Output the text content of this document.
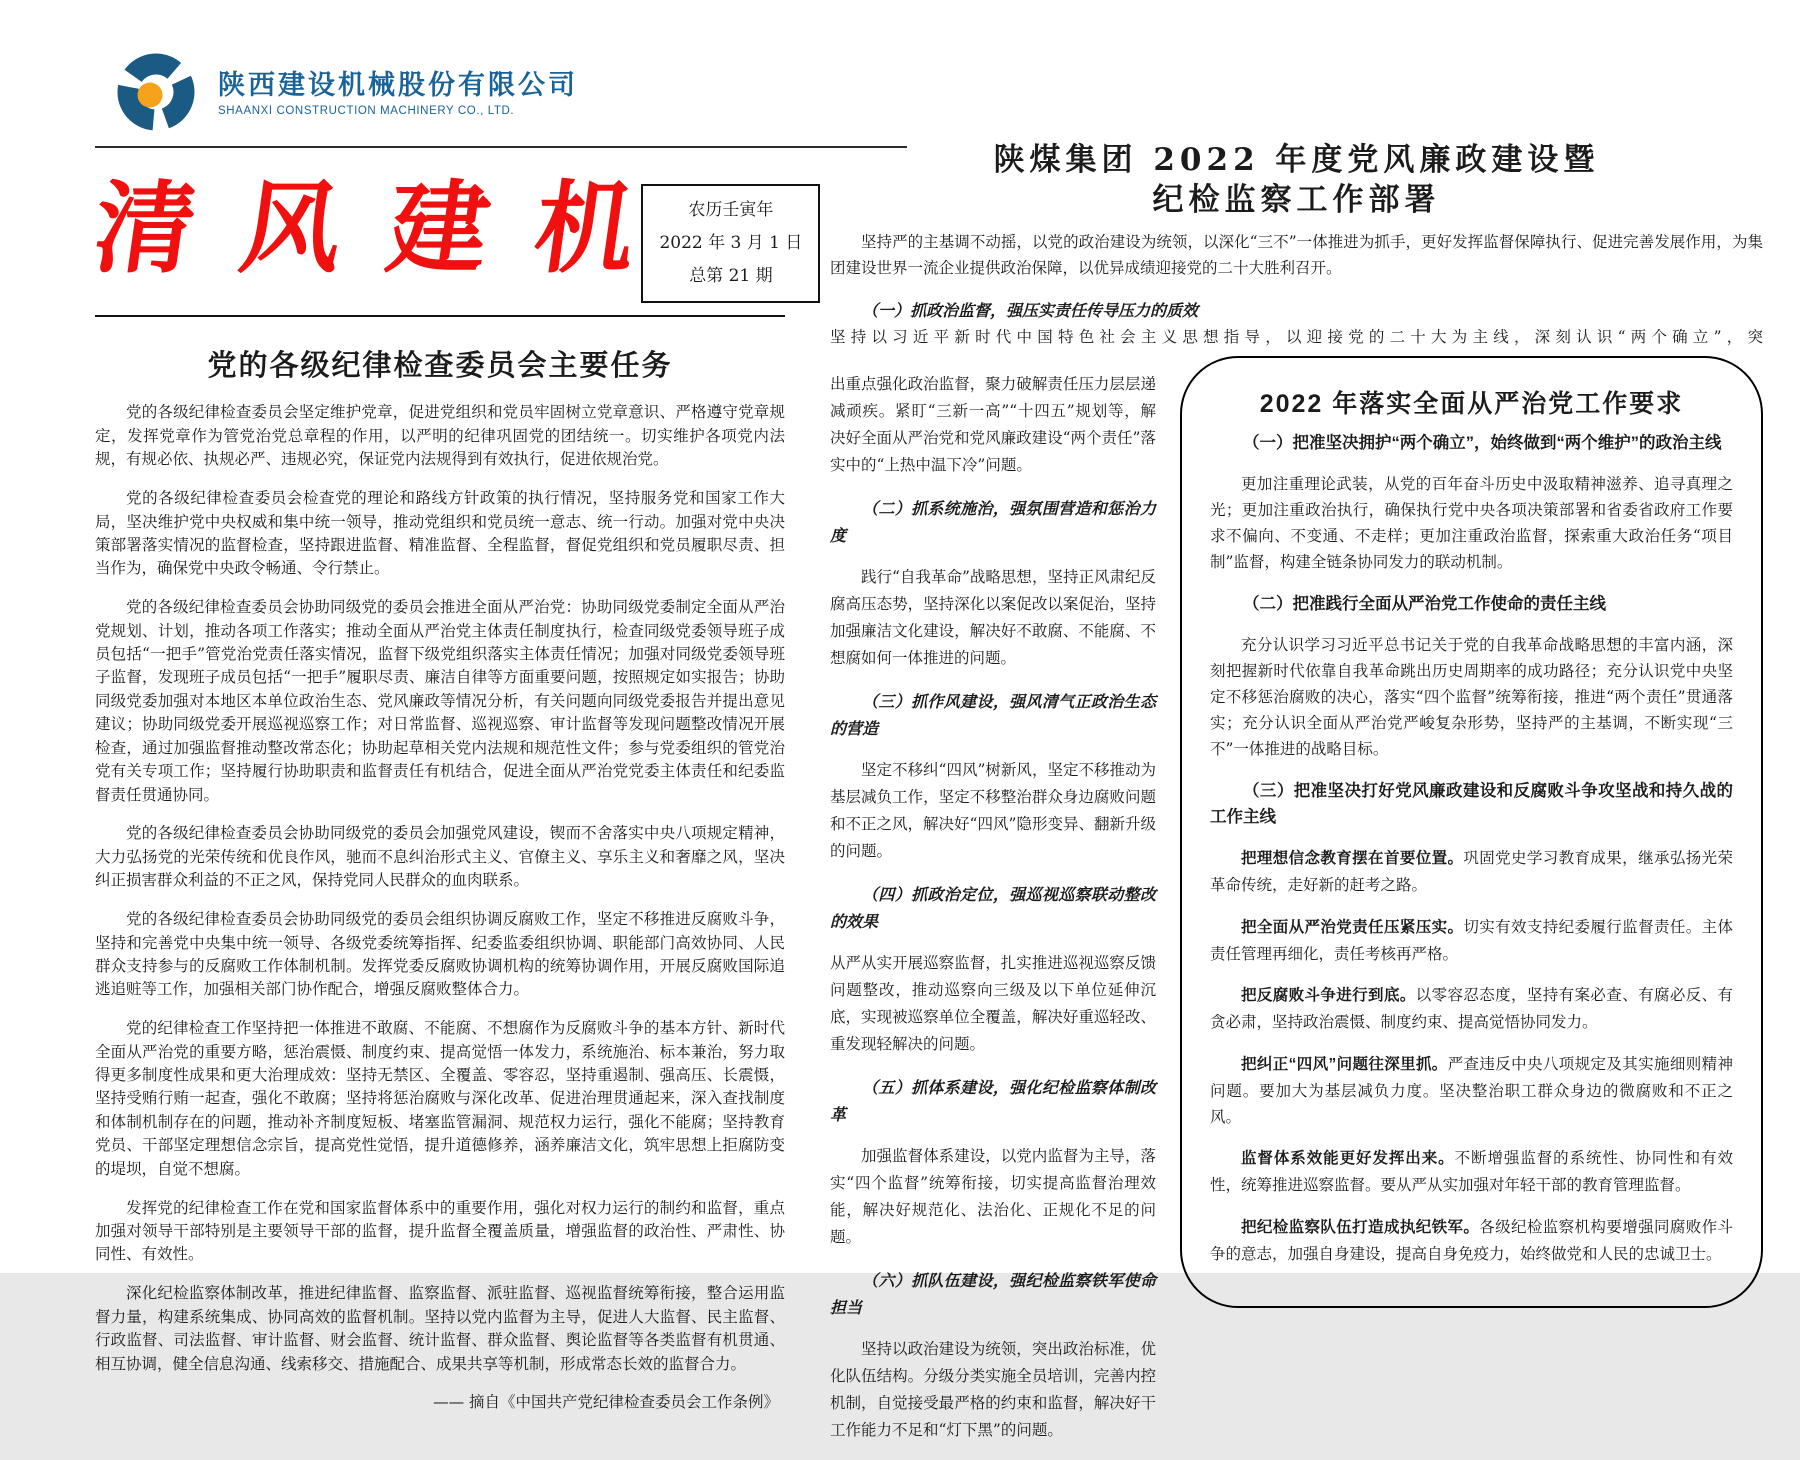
陕西建设机械股份有限公司
SHAANXI CONSTRUCTION MACHINERY CO., LTD.
清 风 建 机	农历壬寅年
2022 年 3 月 1 日
总第 21 期
党的各级纪律检查委员会主要任务

党的各级纪律检查委员会坚定维护党章，促进党组织和党员牢固树立党章意识、严格遵守党章规定，发挥党章作为管党治党总章程的作用，以严明的纪律巩固党的团结统一。切实维护各项党内法规，有规必依、执规必严、违规必究，保证党内法规得到有效执行，促进依规治党。

党的各级纪律检查委员会检查党的理论和路线方针政策的执行情况，坚持服务党和国家工作大局，坚决维护党中央权威和集中统一领导，推动党组织和党员统一意志、统一行动。加强对党中央决策部署落实情况的监督检查，坚持跟进监督、精准监督、全程监督，督促党组织和党员履职尽责、担当作为，确保党中央政令畅通、令行禁止。

党的各级纪律检查委员会协助同级党的委员会推进全面从严治党：协助同级党委制定全面从严治党规划、计划，推动各项工作落实；推动全面从严治党主体责任制度执行，检查同级党委领导班子成员包括“一把手”管党治党责任落实情况，监督下级党组织落实主体责任情况；加强对同级党委领导班子监督，发现班子成员包括“一把手”履职尽责、廉洁自律等方面重要问题，按照规定如实报告；协助同级党委加强对本地区本单位政治生态、党风廉政等情况分析，有关问题向同级党委报告并提出意见建议；协助同级党委开展巡视巡察工作；对日常监督、巡视巡察、审计监督等发现问题整改情况开展检查，通过加强监督推动整改常态化；协助起草相关党内法规和规范性文件；参与党委组织的管党治党有关专项工作；坚持履行协助职责和监督责任有机结合，促进全面从严治党党委主体责任和纪委监督责任贯通协同。

党的各级纪律检查委员会协助同级党的委员会加强党风建设，锲而不舍落实中央八项规定精神，大力弘扬党的光荣传统和优良作风，驰而不息纠治形式主义、官僚主义、享乐主义和奢靡之风，坚决纠正损害群众利益的不正之风，保持党同人民群众的血肉联系。

党的各级纪律检查委员会协助同级党的委员会组织协调反腐败工作，坚定不移推进反腐败斗争，坚持和完善党中央集中统一领导、各级党委统筹指挥、纪委监委组织协调、职能部门高效协同、人民群众支持参与的反腐败工作体制机制。发挥党委反腐败协调机构的统筹协调作用，开展反腐败国际追逃追赃等工作，加强相关部门协作配合，增强反腐败整体合力。

党的纪律检查工作坚持把一体推进不敢腐、不能腐、不想腐作为反腐败斗争的基本方针、新时代全面从严治党的重要方略，惩治震慑、制度约束、提高觉悟一体发力，系统施治、标本兼治，努力取得更多制度性成果和更大治理成效：坚持无禁区、全覆盖、零容忍，坚持重遏制、强高压、长震慑，坚持受贿行贿一起查，强化不敢腐；坚持将惩治腐败与深化改革、促进治理贯通起来，深入查找制度和体制机制存在的问题，推动补齐制度短板、堵塞监管漏洞、规范权力运行，强化不能腐；坚持教育党员、干部坚定理想信念宗旨，提高党性觉悟，提升道德修养，涵养廉洁文化，筑牢思想上拒腐防变的堤坝，自觉不想腐。

发挥党的纪律检查工作在党和国家监督体系中的重要作用，强化对权力运行的制约和监督，重点加强对领导干部特别是主要领导干部的监督，提升监督全覆盖质量，增强监督的政治性、严肃性、协同性、有效性。

深化纪检监察体制改革，推进纪律监督、监察监督、派驻监督、巡视监督统筹衔接，整合运用监督力量，构建系统集成、协同高效的监督机制。坚持以党内监督为主导，促进人大监督、民主监督、行政监督、司法监督、审计监督、财会监督、统计监督、群众监督、舆论监督等各类监督有机贯通、相互协调，健全信息沟通、线索移交、措施配合、成果共享等机制，形成常态长效的监督合力。

—— 摘自《中国共产党纪律检查委员会工作条例》
陕煤集团 2022 年度党风廉政建设暨
纪检监察工作部署

坚持严的主基调不动摇，以党的政治建设为统领，以深化“三不”一体推进为抓手，更好发挥监督保障执行、促进完善发展作用，为集团建设世界一流企业提供政治保障，以优异成绩迎接党的二十大胜利召开。

（一）抓政治监督，强压实责任传导压力的质效
坚持以习近平新时代中国特色社会主义思想指导，以迎接党的二十大为主线，深刻认识“两个确立”，突

出重点强化政治监督，聚力破解责任压力层层递减顽疾。紧盯“三新一高”“十四五”规划等，解决好全面从严治党和党风廉政建设“两个责任”落实中的“上热中温下冷”问题。

（二）抓系统施治，强氛围营造和惩治力度

践行“自我革命”战略思想，坚持正风肃纪反腐高压态势，坚持深化以案促改以案促治，坚持加强廉洁文化建设，解决好不敢腐、不能腐、不想腐如何一体推进的问题。

（三）抓作风建设，强风清气正政治生态的营造

坚定不移纠“四风”树新风，坚定不移推动为基层减负工作，坚定不移整治群众身边腐败问题和不正之风，解决好“四风”隐形变异、翻新升级的问题。

（四）抓政治定位，强巡视巡察联动整改的效果

从严从实开展巡察监督，扎实推进巡视巡察反馈问题整改，推动巡察向三级及以下单位延伸沉底，实现被巡察单位全覆盖，解决好重巡轻改、重发现轻解决的问题。

（五）抓体系建设，强化纪检监察体制改革

加强监督体系建设，以党内监督为主导，落实“四个监督”统筹衔接，切实提高监督治理效能，解决好规范化、法治化、正规化不足的问题。

（六）抓队伍建设，强纪检监察铁军使命担当

坚持以政治建设为统领，突出政治标准，优化队伍结构。分级分类实施全员培训，完善内控机制，自觉接受最严格的约束和监督，解决好干工作能力不足和“灯下黑”的问题。

2022 年落实全面从严治党工作要求
（一）把准坚决拥护“两个确立”，始终做到“两个维护”的政治主线

更加注重理论武装，从党的百年奋斗历史中汲取精神滋养、追寻真理之光；更加注重政治执行，确保执行党中央各项决策部署和省委省政府工作要求不偏向、不变通、不走样；更加注重政治监督，探索重大政治任务“项目制”监督，构建全链条协同发力的联动机制。

（二）把准践行全面从严治党工作使命的责任主线

充分认识学习习近平总书记关于党的自我革命战略思想的丰富内涵，深刻把握新时代依靠自我革命跳出历史周期率的成功路径；充分认识党中央坚定不移惩治腐败的决心，落实“四个监督”统筹衔接，推进“两个责任”贯通落实；充分认识全面从严治党严峻复杂形势，坚持严的主基调，不断实现“三不”一体推进的战略目标。

（三）把准坚决打好党风廉政建设和反腐败斗争攻坚战和持久战的工作主线

把理想信念教育摆在首要位置。巩固党史学习教育成果，继承弘扬光荣革命传统，走好新的赶考之路。

把全面从严治党责任压紧压实。切实有效支持纪委履行监督责任。主体责任管理再细化，责任考核再严格。

把反腐败斗争进行到底。以零容忍态度，坚持有案必查、有腐必反、有贪必肃，坚持政治震慑、制度约束、提高觉悟协同发力。

把纠正“四风”问题往深里抓。严查违反中央八项规定及其实施细则精神问题。要加大为基层减负力度。坚决整治职工群众身边的微腐败和不正之风。

监督体系效能更好发挥出来。不断增强监督的系统性、协同性和有效性，统筹推进巡察监督。要从严从实加强对年轻干部的教育管理监督。

把纪检监察队伍打造成执纪铁军。各级纪检监察机构要增强同腐败作斗争的意志，加强自身建设，提高自身免疫力，始终做党和人民的忠诚卫士。
